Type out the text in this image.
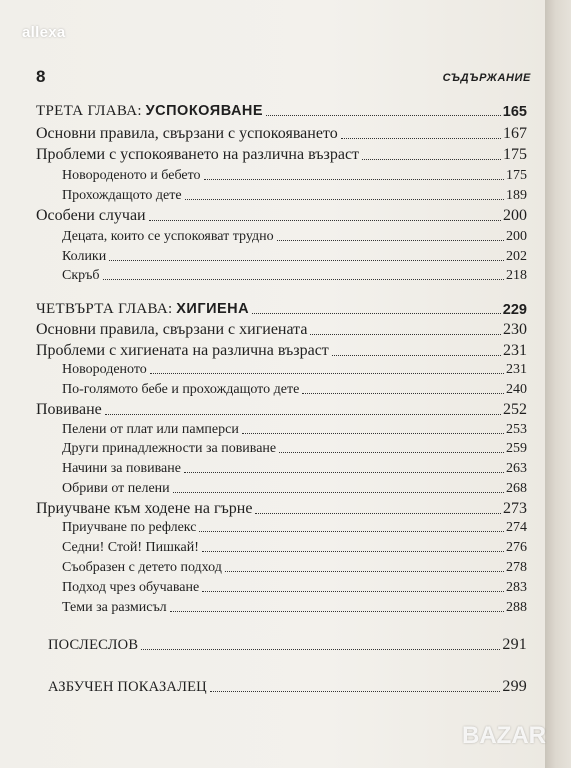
8	СЪДЪРЖАНИЕ
ТРЕТА ГЛАВА: УСПОКОЯВАНЕ	165
Основни правила, свързани с успокояването	167
Проблеми с успокояването на различна възраст	175
Новороденото и бебето	175
Прохождащото дете	189
Особени случаи	200
Децата, които се успокояват трудно	200
Колики	202
Скръб	218
ЧЕТВЪРТА ГЛАВА: ХИГИЕНА	229
Основни правила, свързани с хигиената	230
Проблеми с хигиената на различна възраст	231
Новороденото	231
По-голямото бебе и прохождащото дете	240
Повиване	252
Пелени от плат или памперси	253
Други принадлежности за повиване	259
Начини за повиване	263
Обриви от пелени	268
Приучване към ходене на гърне	273
Приучване по рефлекс	274
Седни! Стой! Пишкай!	276
Съобразен с детето подход	278
Подход чрез обучаване	283
Теми за размисъл	288
ПОСЛЕСЛОВ	291
АЗБУЧЕН ПОКАЗАЛЕЦ	299
allexa
BAZAR
